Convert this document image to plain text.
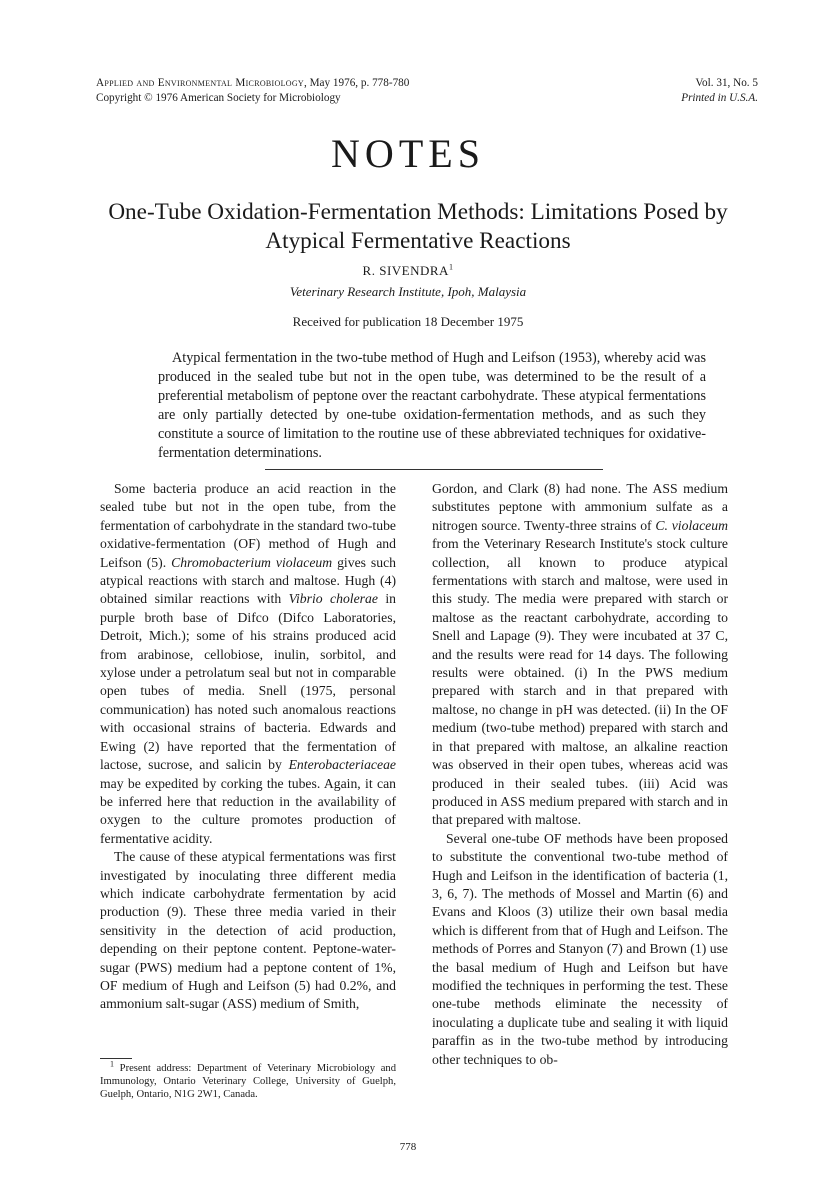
Applied and Environmental Microbiology, May 1976, p. 778-780
Copyright © 1976 American Society for Microbiology
Vol. 31, No. 5
Printed in U.S.A.
NOTES
One-Tube Oxidation-Fermentation Methods: Limitations Posed by Atypical Fermentative Reactions
R. SIVENDRA$^1$
Veterinary Research Institute, Ipoh, Malaysia
Received for publication 18 December 1975
Atypical fermentation in the two-tube method of Hugh and Leifson (1953), whereby acid was produced in the sealed tube but not in the open tube, was determined to be the result of a preferential metabolism of peptone over the reactant carbohydrate. These atypical fermentations are only partially detected by one-tube oxidation-fermentation methods, and as such they constitute a source of limitation to the routine use of these abbreviated techniques for oxidative-fermentation determinations.

Some bacteria produce an acid reaction in the sealed tube but not in the open tube, from the fermentation of carbohydrate in the standard two-tube oxidative-fermentation (OF) method of Hugh and Leifson (5). Chromobacterium violaceum gives such atypical reactions with starch and maltose. Hugh (4) obtained similar reactions with Vibrio cholerae in purple broth base of Difco (Difco Laboratories, Detroit, Mich.); some of his strains produced acid from arabinose, cellobiose, inulin, sorbitol, and xylose under a petrolatum seal but not in comparable open tubes of media. Snell (1975, personal communication) has noted such anomalous reactions with occasional strains of bacteria. Edwards and Ewing (2) have reported that the fermentation of lactose, sucrose, and salicin by Enterobacteriaceae may be expedited by corking the tubes. Again, it can be inferred here that reduction in the availability of oxygen to the culture promotes production of fermentative acidity.

The cause of these atypical fermentations was first investigated by inoculating three different media which indicate carbohydrate fermentation by acid production (9). These three media varied in their sensitivity in the detection of acid production, depending on their peptone content. Peptone-water-sugar (PWS) medium had a peptone content of 1%, OF medium of Hugh and Leifson (5) had 0.2%, and ammonium salt-sugar (ASS) medium of Smith,

Gordon, and Clark (8) had none. The ASS medium substitutes peptone with ammonium sulfate as a nitrogen source. Twenty-three strains of C. violaceum from the Veterinary Research Institute's stock culture collection, all known to produce atypical fermentations with starch and maltose, were used in this study. The media were prepared with starch or maltose as the reactant carbohydrate, according to Snell and Lapage (9). They were incubated at 37 C, and the results were read for 14 days. The following results were obtained. (i) In the PWS medium prepared with starch and in that prepared with maltose, no change in pH was detected. (ii) In the OF medium (two-tube method) prepared with starch and in that prepared with maltose, an alkaline reaction was observed in their open tubes, whereas acid was produced in their sealed tubes. (iii) Acid was produced in ASS medium prepared with starch and in that prepared with maltose.

Several one-tube OF methods have been proposed to substitute the conventional two-tube method of Hugh and Leifson in the identification of bacteria (1, 3, 6, 7). The methods of Mossel and Martin (6) and Evans and Kloos (3) utilize their own basal media which is different from that of Hugh and Leifson. The methods of Porres and Stanyon (7) and Brown (1) use the basal medium of Hugh and Leifson but have modified the techniques in performing the test. These one-tube methods eliminate the necessity of inoculating a duplicate tube and sealing it with liquid paraffin as in the two-tube method by introducing other techniques to ob-

$^1$ Present address: Department of Veterinary Microbiology and Immunology, Ontario Veterinary College, University of Guelph, Guelph, Ontario, N1G 2W1, Canada.
778
